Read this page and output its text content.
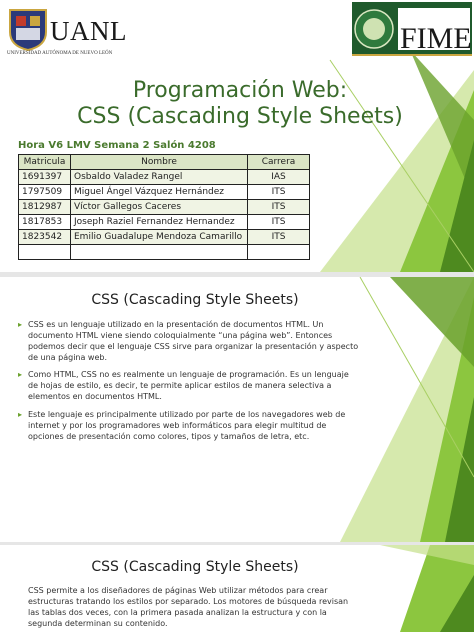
UANL
UNIVERSIDAD AUTÓNOMA DE NUEVO LEÓN	FIME
Programación Web:
CSS (Cascading Style Sheets)
Hora V6 LMV Semana 2 Salón 4208
Matricula	Nombre	Carrera
1691397	Osbaldo Valadez Rangel	IAS
1797509	Miguel Ángel Vázquez Hernández	ITS
1812987	Víctor Gallegos Caceres	ITS
1817853	Joseph Raziel Fernandez Hernandez	ITS
1823542	Emilio Guadalupe Mendoza Camarillo	ITS

CSS (Cascading Style Sheets)
▸ CSS es un lenguaje utilizado en la presentación de documentos HTML. Un documento HTML viene siendo coloquialmente “una página web”. Entonces podemos decir que el lenguaje CSS sirve para organizar la presentación y aspecto de una página web.
▸ Como HTML, CSS no es realmente un lenguaje de programación. Es un lenguaje de hojas de estilo, es decir, te permite aplicar estilos de manera selectiva a elementos en documentos HTML.
▸ Este lenguaje es principalmente utilizado por parte de los navegadores web de internet y por los programadores web informáticos para elegir multitud de opciones de presentación como colores, tipos y tamaños de letra, etc.
CSS (Cascading Style Sheets)
CSS permite a los diseñadores de páginas Web utilizar métodos para crear estructuras tratando los estilos por separado. Los motores de búsqueda revisan las tablas dos veces, con la primera pasada analizan la estructura y con la segunda determinan su contenido.
